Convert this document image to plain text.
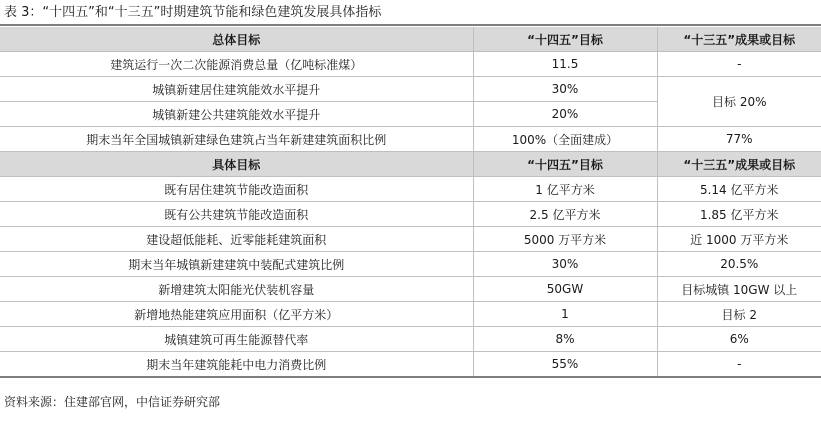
表 3：“十四五”和“十三五”时期建筑节能和绿色建筑发展具体指标
总体目标	“十四五”目标	“十三五”成果或目标
建筑运行一次二次能源消费总量（亿吨标准煤）	11.5	-
城镇新建居住建筑能效水平提升	30%	目标 20%
城镇新建公共建筑能效水平提升	20%	
期末当年全国城镇新建绿色建筑占当年新建建筑面积比例	100%（全面建成）	77%
具体目标	“十四五”目标	“十三五”成果或目标
既有居住建筑节能改造面积	1 亿平方米	5.14 亿平方米
既有公共建筑节能改造面积	2.5 亿平方米	1.85 亿平方米
建设超低能耗、近零能耗建筑面积	5000 万平方米	近 1000 万平方米
期末当年城镇新建建筑中装配式建筑比例	30%	20.5%
新增建筑太阳能光伏装机容量	50GW	目标城镇 10GW 以上
新增地热能建筑应用面积（亿平方米）	1	目标 2
城镇建筑可再生能源替代率	8%	6%
期末当年建筑能耗中电力消费比例	55%	-
资料来源：住建部官网，中信证券研究部
